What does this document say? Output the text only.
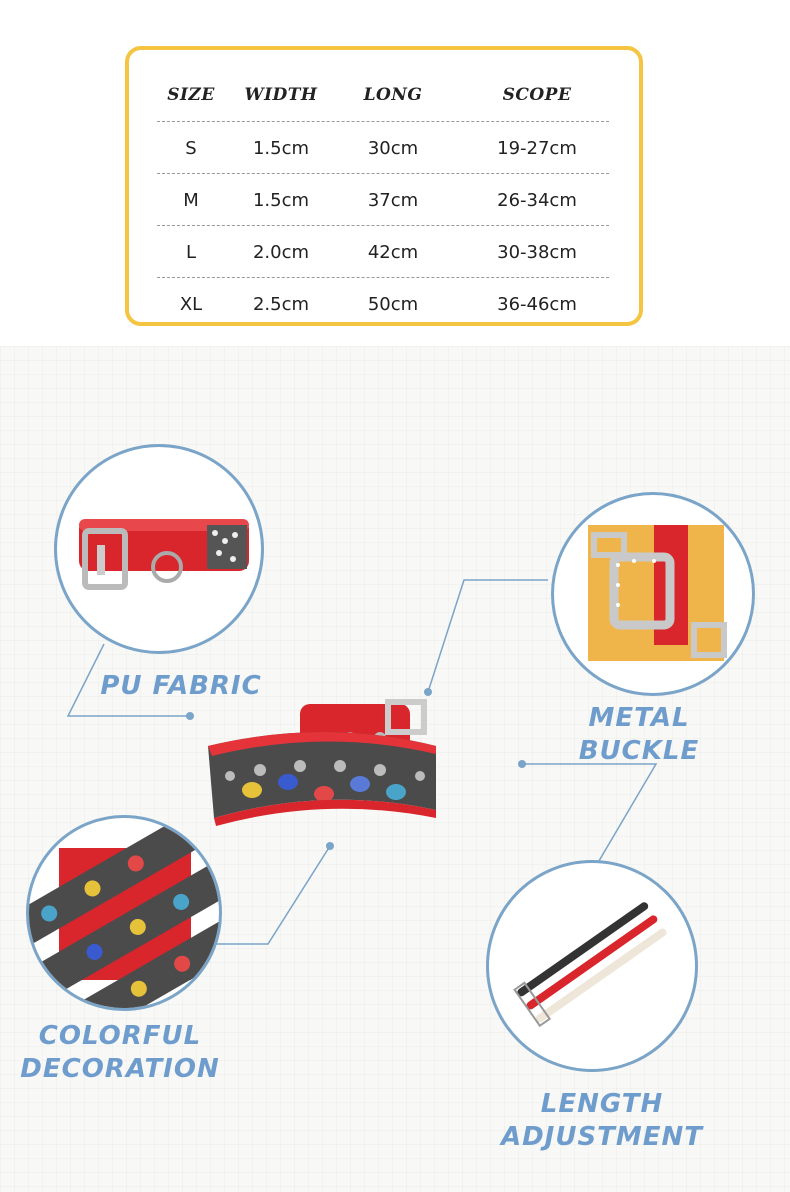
SIZE	WIDTH	LONG	SCOPE
S	1.5cm	30cm	19-27cm
M	1.5cm	37cm	26-34cm
L	2.0cm	42cm	30-38cm
XL	2.5cm	50cm	36-46cm
PU FABRIC
METAL BUCKLE
COLORFUL
DECORATION
LENGTH
ADJUSTMENT
